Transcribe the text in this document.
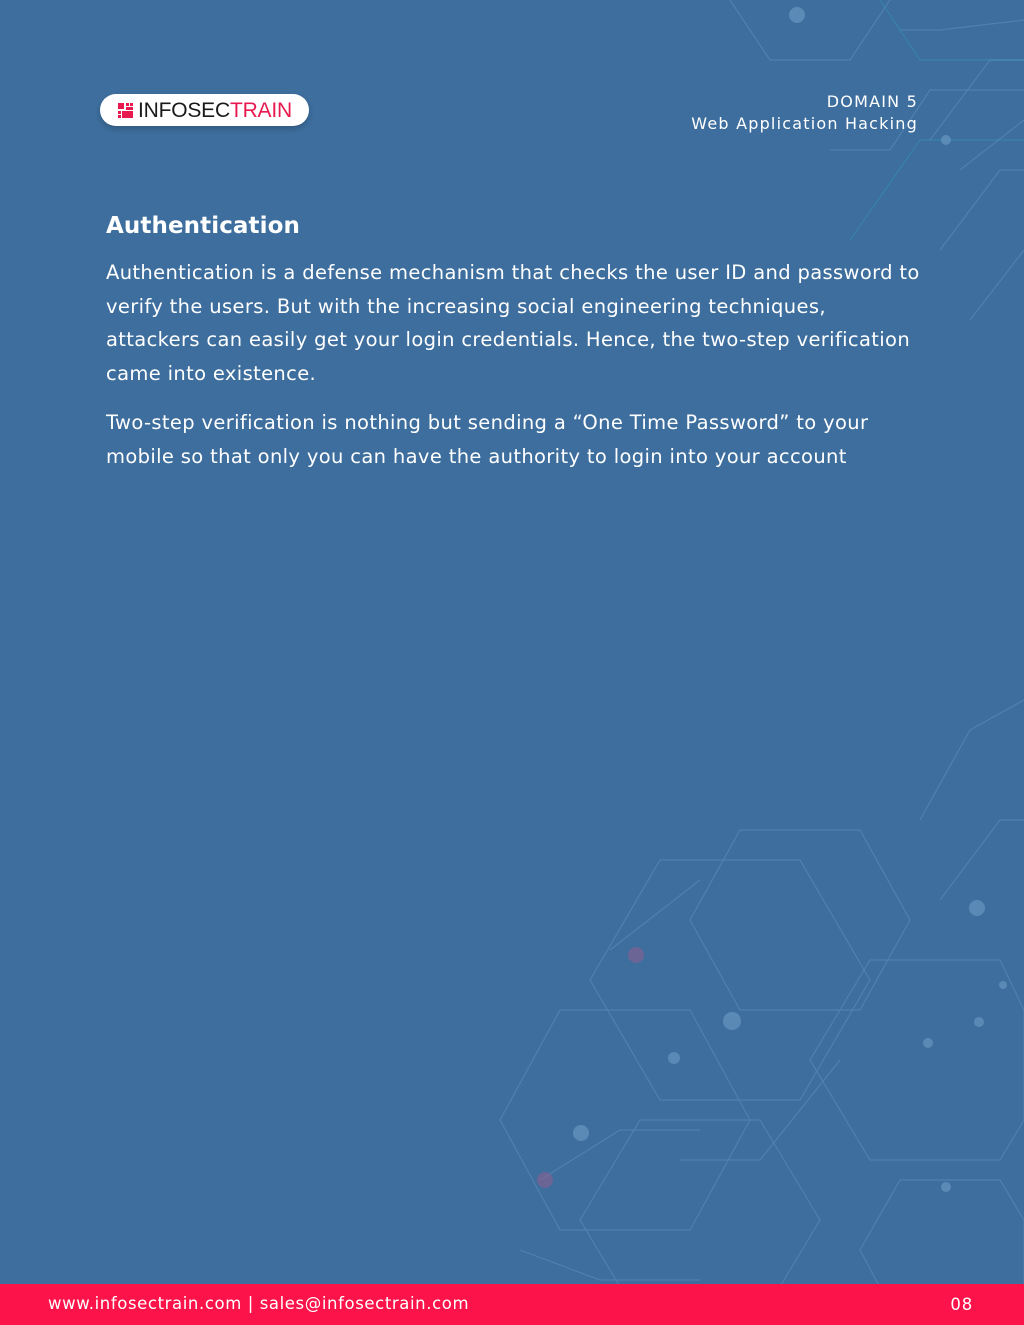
INFOSECTRAIN	DOMAIN 5
Web Application Hacking
Authentication

Authentication is a defense mechanism that checks the user ID and password to verify the users. But with the increasing social engineering techniques, attackers can easily get your login credentials. Hence, the two-step verification came into existence.

Two-step verification is nothing but sending a “One Time Password” to your mobile so that only you can have the authority to login into your account

www.infosectrain.com | sales@infosectrain.com	08
